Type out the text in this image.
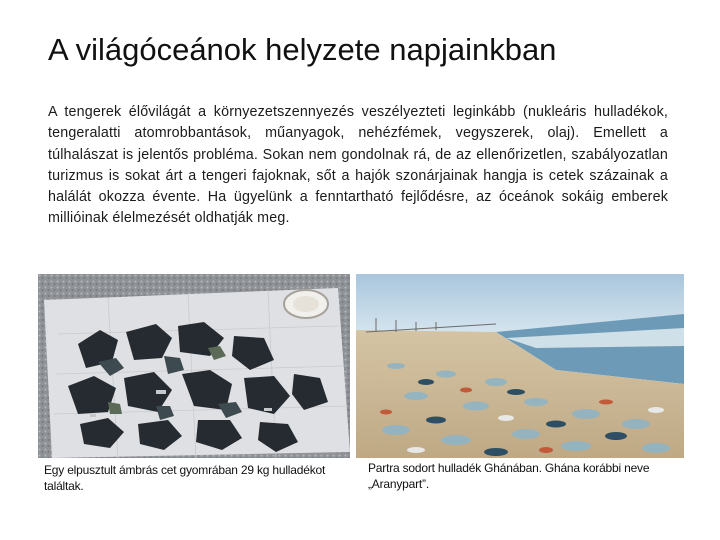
A világóceánok helyzete napjainkban
A tengerek élővilágát a környezetszennyezés veszélyezteti leginkább (nukleáris hulladékok, tengeralatti atomrobbantások, műanyagok, nehézfémek, vegyszerek, olaj). Emellett a túlhalászat is jelentős probléma. Sokan nem gondolnak rá, de az ellenőrizetlen, szabályozatlan turizmus is sokat árt a tengeri fajoknak, sőt a hajók szonárjainak hangja is cetek százainak a halálát okozza évente. Ha ügyelünk a fenntartható fejlődésre, az óceánok sokáig emberek millióinak élelmezését oldhatják meg.
Egy elpusztult ámbrás cet gyomrában 29 kg hulladékot találtak.
Partra sodort hulladék Ghánában. Ghána korábbi neve „Aranypart”.
